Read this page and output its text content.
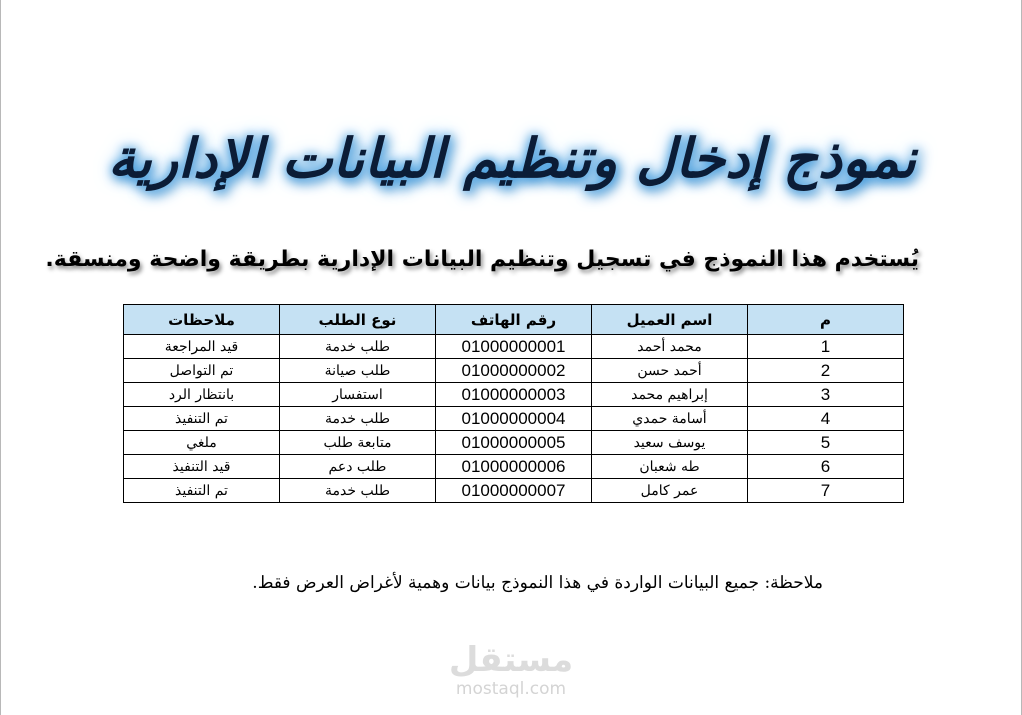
نموذج إدخال وتنظيم البيانات الإدارية
يُستخدم هذا النموذج في تسجيل وتنظيم البيانات الإدارية بطريقة واضحة ومنسقة.
م	اسم العميل	رقم الهاتف	نوع الطلب	ملاحظات
1	محمد أحمد	01000000001	طلب خدمة	قيد المراجعة
2	أحمد حسن	01000000002	طلب صيانة	تم التواصل
3	إبراهيم محمد	01000000003	استفسار	بانتظار الرد
4	أسامة حمدي	01000000004	طلب خدمة	تم التنفيذ
5	يوسف سعيد	01000000005	متابعة طلب	ملغي
6	طه شعبان	01000000006	طلب دعم	قيد التنفيذ
7	عمر كامل	01000000007	طلب خدمة	تم التنفيذ
ملاحظة: جميع البيانات الواردة في هذا النموذج بيانات وهمية لأغراض العرض فقط.
مستقل
mostaql.com
